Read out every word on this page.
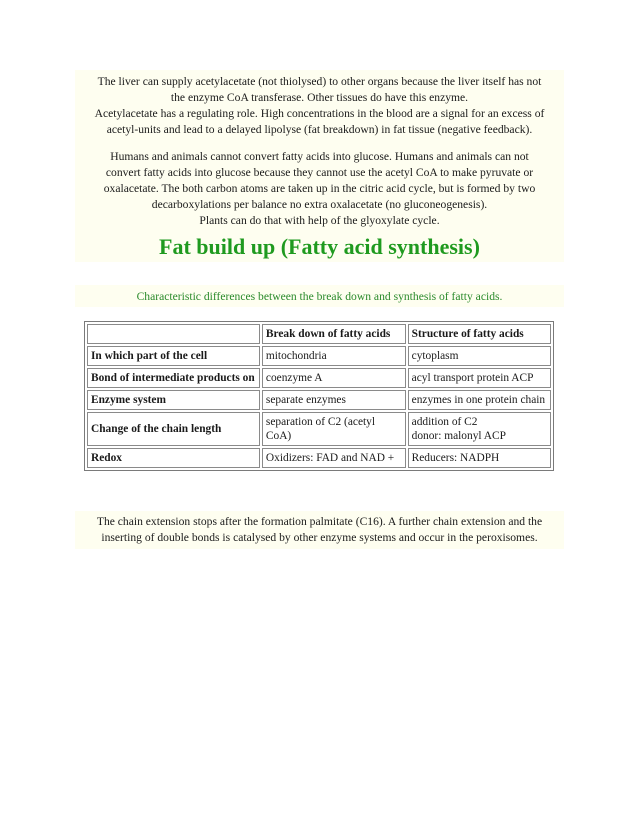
The liver can supply acetylacetate (not thiolysed) to other organs because the liver itself has not
the enzyme CoA transferase. Other tissues do have this enzyme.
Acetylacetate has a regulating role. High concentrations in the blood are a signal for an excess of
acetyl-units and lead to a delayed lipolyse (fat breakdown) in fat tissue (negative feedback).

Humans and animals cannot convert fatty acids into glucose. Humans and animals can not
convert fatty acids into glucose because they cannot use the acetyl CoA to make pyruvate or
oxalacetate. The both carbon atoms are taken up in the citric acid cycle, but is formed by two
decarboxylations per balance no extra oxalacetate (no gluconeogenesis).
Plants can do that with help of the glyoxylate cycle.

Fat build up (Fatty acid synthesis)

Characteristic differences between the break down and synthesis of fatty acids.

	Break down of fatty acids	Structure of fatty acids
In which part of the cell	mitochondria	cytoplasm
Bond of intermediate products on	coenzyme A	acyl transport protein ACP
Enzyme system	separate enzymes	enzymes in one protein chain
Change of the chain length	separation of C2 (acetyl CoA)	addition of C2
donor: malonyl ACP
Redox	Oxidizers: FAD and NAD +	Reducers: NADPH

The chain extension stops after the formation palmitate (C16). A further chain extension and the
inserting of double bonds is catalysed by other enzyme systems and occur in the peroxisomes.
